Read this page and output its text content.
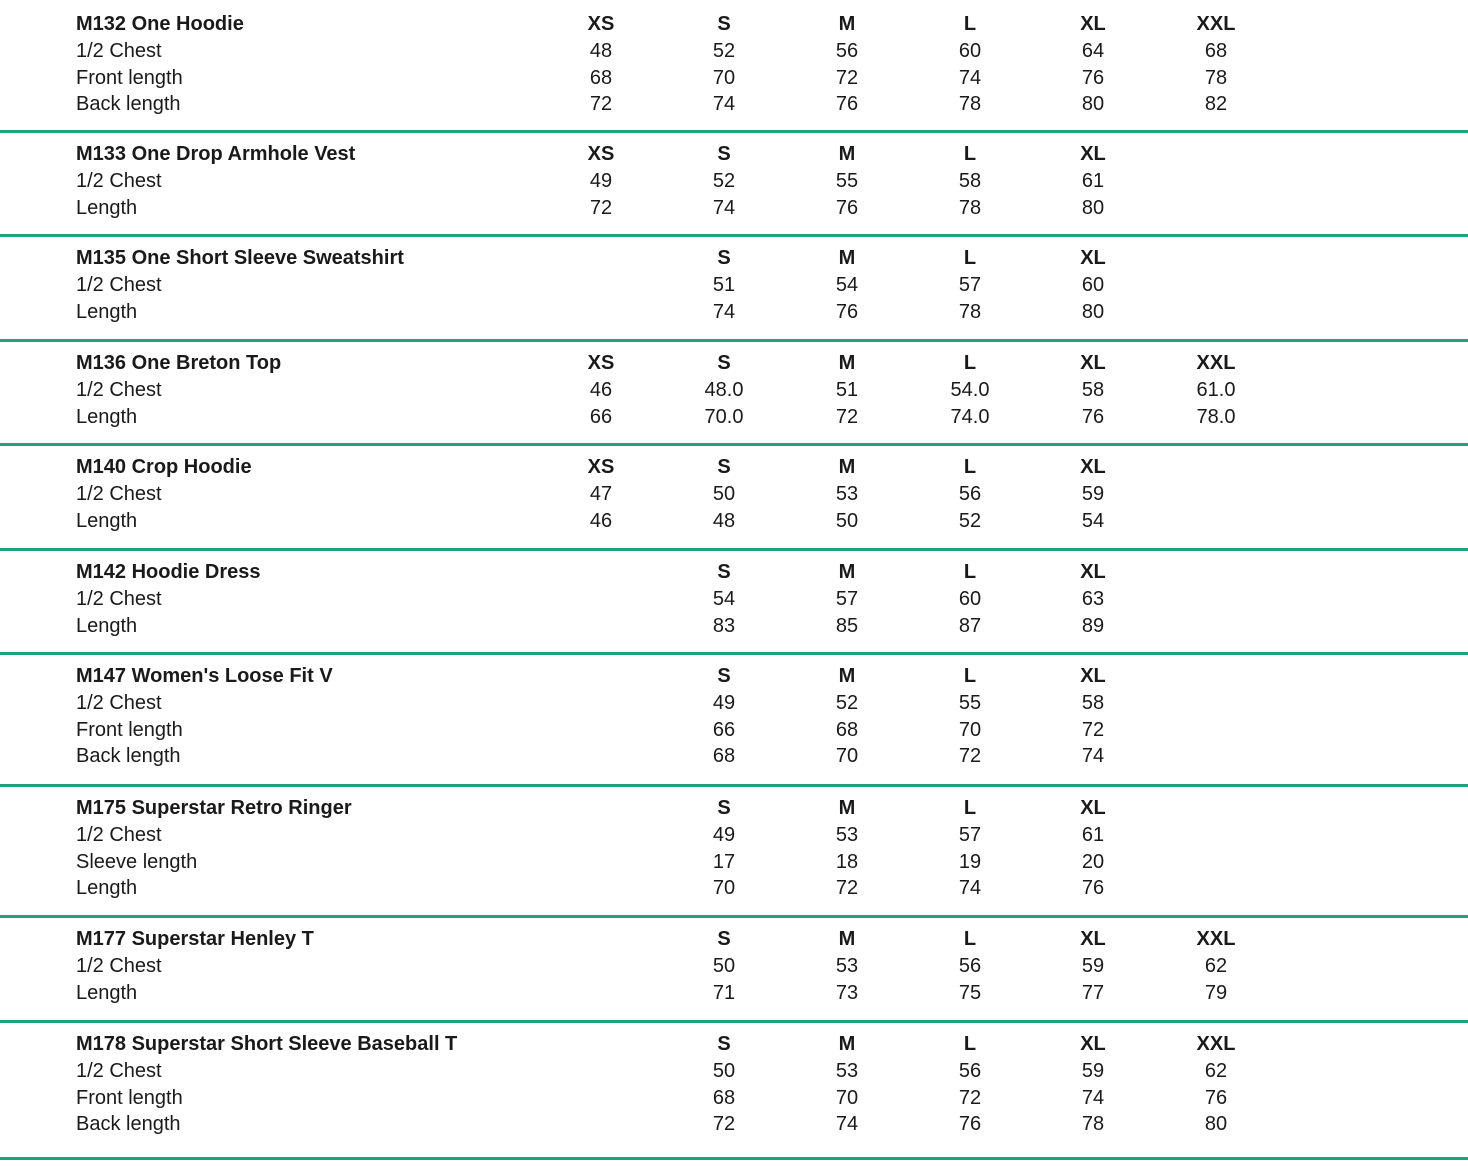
M132 One Hoodie	XS	S	M	L	XL	XXL
1/2 Chest	48	52	56	60	64	68
Front length	68	70	72	74	76	78
Back length	72	74	76	78	80	82
M133 One Drop Armhole Vest	XS	S	M	L	XL
1/2 Chest	49	52	55	58	61
Length	72	74	76	78	80
M135 One Short Sleeve Sweatshirt	S	M	L	XL
1/2 Chest	51	54	57	60
Length	74	76	78	80
M136 One Breton Top	XS	S	M	L	XL	XXL
1/2 Chest	46	48.0	51	54.0	58	61.0
Length	66	70.0	72	74.0	76	78.0
M140 Crop Hoodie	XS	S	M	L	XL
1/2 Chest	47	50	53	56	59
Length	46	48	50	52	54
M142 Hoodie Dress	S	M	L	XL
1/2 Chest	54	57	60	63
Length	83	85	87	89
M147 Women's Loose Fit V	S	M	L	XL
1/2 Chest	49	52	55	58
Front length	66	68	70	72
Back length	68	70	72	74
M175 Superstar Retro Ringer	S	M	L	XL
1/2 Chest	49	53	57	61
Sleeve length	17	18	19	20
Length	70	72	74	76
M177 Superstar Henley T	S	M	L	XL	XXL
1/2 Chest	50	53	56	59	62
Length	71	73	75	77	79
M178 Superstar Short Sleeve Baseball T	S	M	L	XL	XXL
1/2 Chest	50	53	56	59	62
Front length	68	70	72	74	76
Back length	72	74	76	78	80
